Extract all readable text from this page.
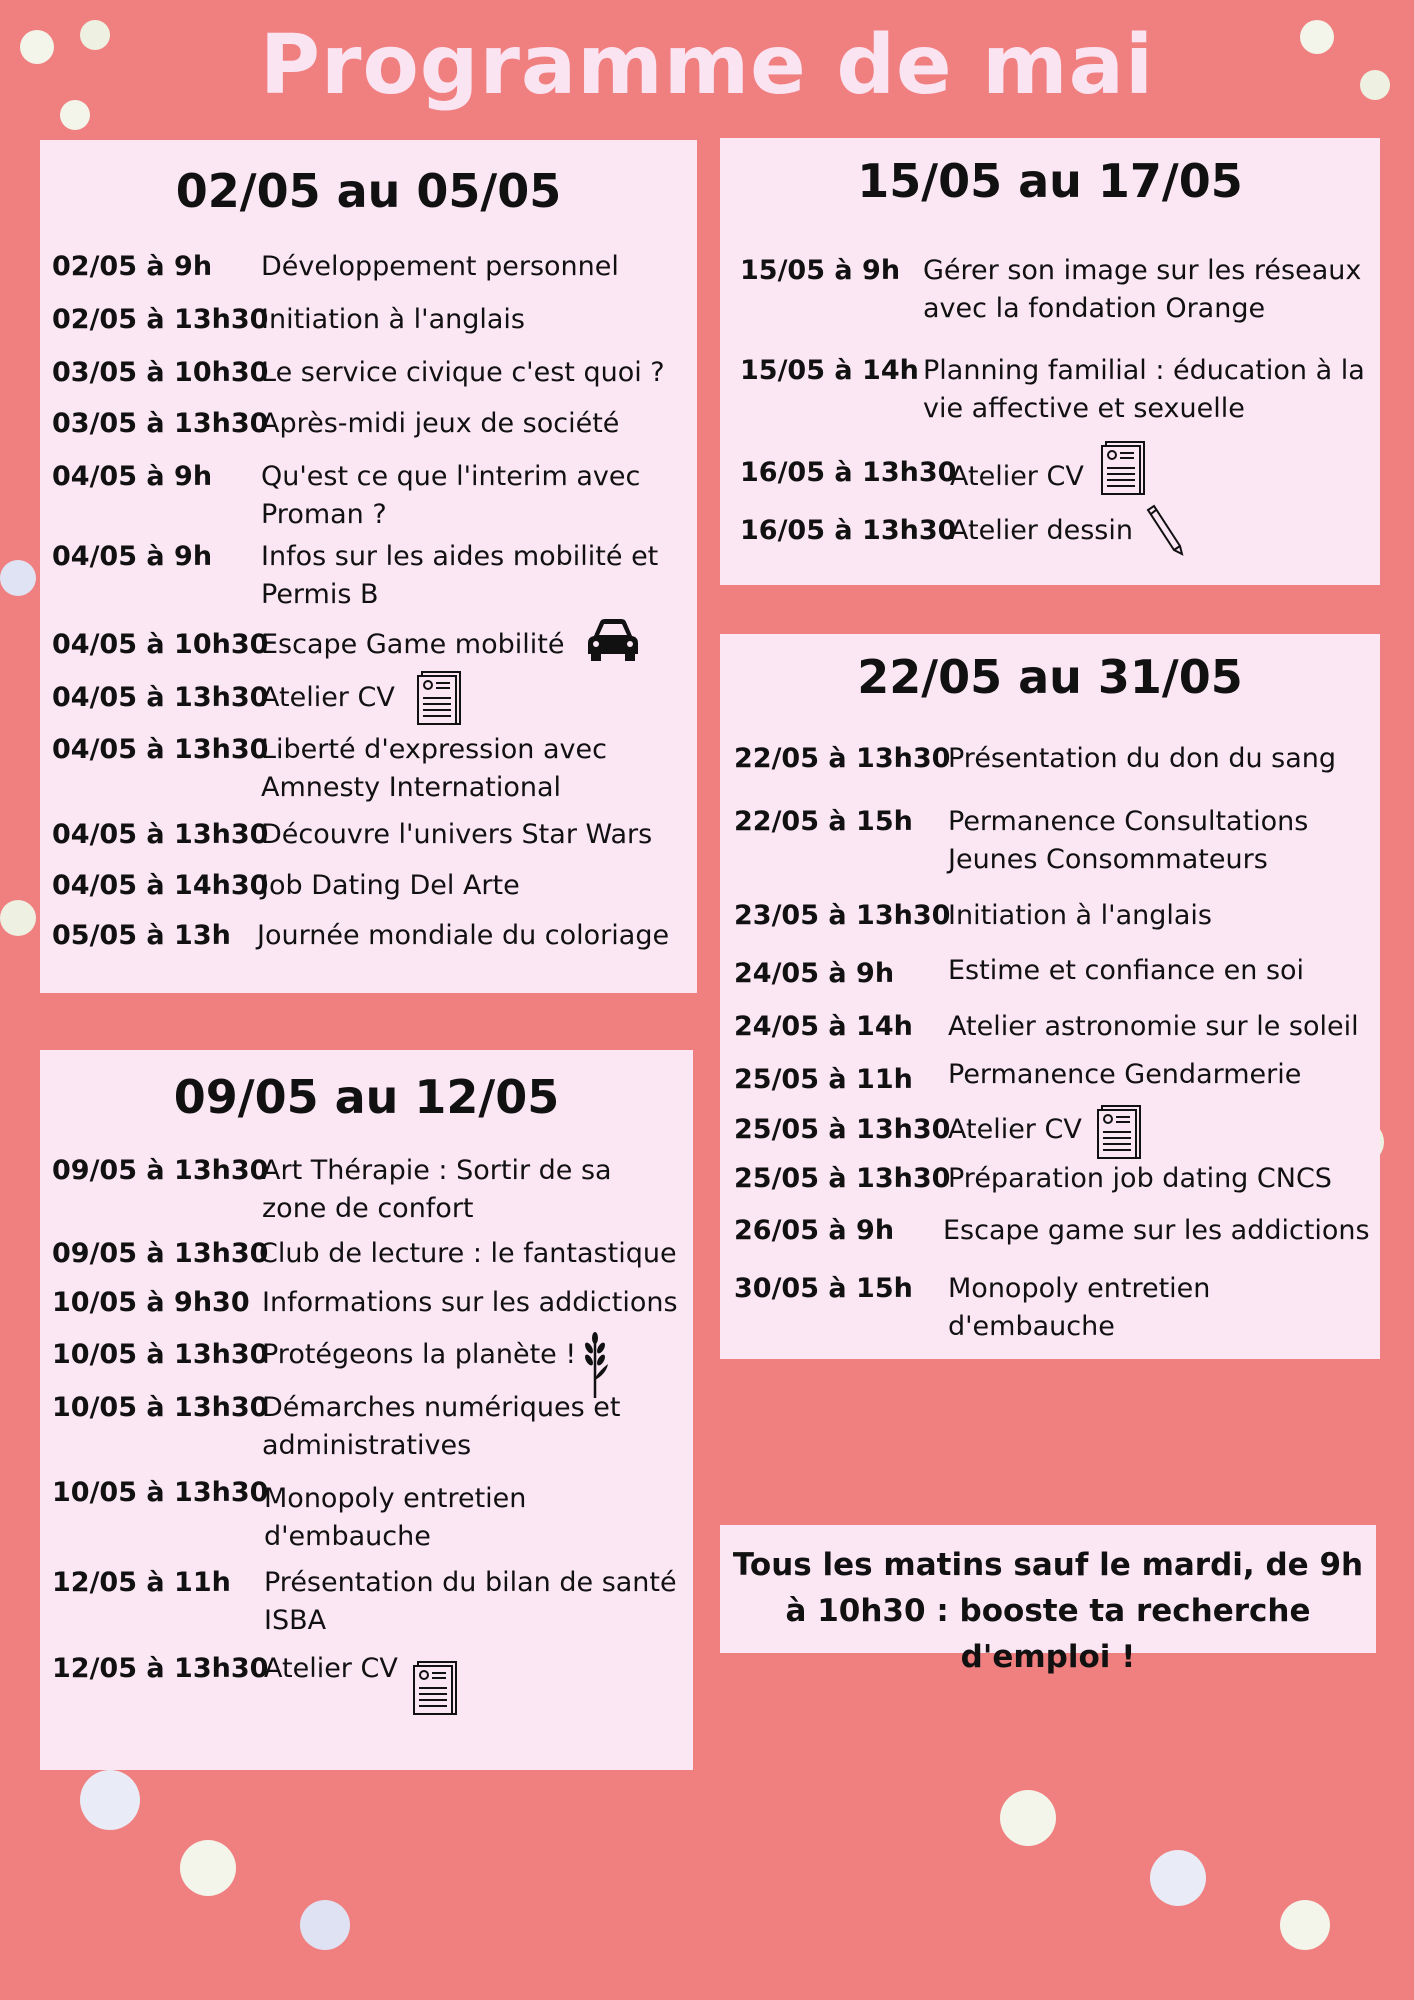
Programme de mai
02/05 au 05/05
02/05 à 9h Développement personnel
02/05 à 13h30
Initiation à l'anglais
03/05 à 10h30
Le service civique c'est quoi ?
03/05 à 13h30
Après-midi jeux de société
04/05 à 9h Qu'est ce que l'interim avec Proman ?
04/05 à 9h Infos sur les aides mobilité et Permis B
04/05 à 10h30
Escape Game mobilité
04/05 à 13h30
Atelier CV
04/05 à 13h30
Liberté d'expression avec Amnesty International
04/05 à 13h30
Découvre l'univers Star Wars
04/05 à 14h30
Job Dating Del Arte
05/05 à 13h Journée mondiale du coloriage
09/05 au 12/05
09/05 à 13h30
Art Thérapie : Sortir de sa zone de confort
09/05 à 13h30
Club de lecture : le fantastique
10/05 à 9h30 Informations sur les addictions
10/05 à 13h30
Protégeons la planète !
10/05 à 13h30
Démarches numériques et administratives
10/05 à 13h30
Monopoly entretien d'embauche
12/05 à 11h Présentation du bilan de santé ISBA
12/05 à 13h30
Atelier CV
15/05 au 17/05
15/05 à 9h Gérer son image sur les réseaux avec la fondation Orange
15/05 à 14h Planning familial : éducation à la vie affective et sexuelle
16/05 à 13h30
Atelier CV
16/05 à 13h30
Atelier dessin
22/05 au 31/05
22/05 à 13h30
Présentation du don du sang
22/05 à 15h Permanence Consultations Jeunes Consommateurs
23/05 à 13h30
Initiation à l'anglais
24/05 à 9h Estime et confiance en soi
24/05 à 14h Atelier astronomie sur le soleil
25/05 à 11h Permanence Gendarmerie
25/05 à 13h30
Atelier CV
25/05 à 13h30
Préparation job dating CNCS
26/05 à 9h Escape game sur les addictions
30/05 à 15h Monopoly entretien d'embauche
Tous les matins sauf le mardi, de 9h à 10h30 : booste ta recherche d'emploi !
